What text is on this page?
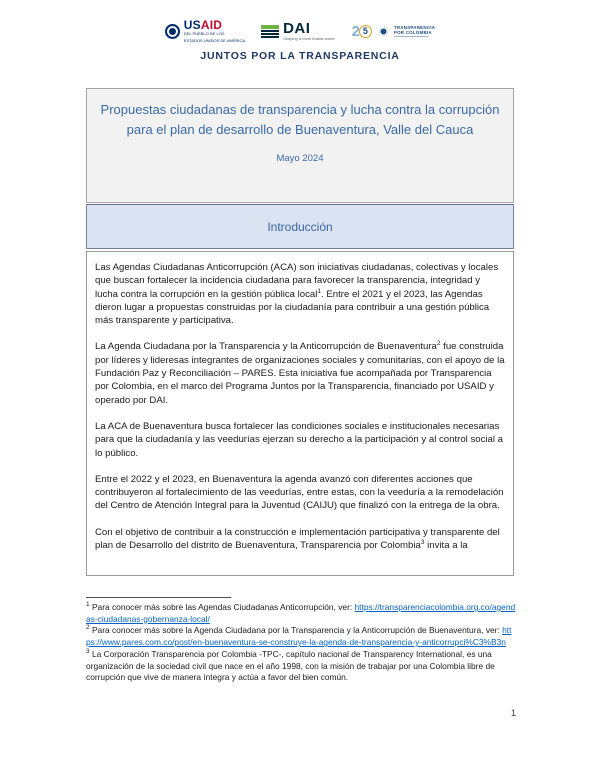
USAID
DEL PUEBLO DE LOS
ESTADOS UNIDOS DE AMÉRICA
DAI
Shaping a more livable world. 2 5	TRANSPARENCIA
POR COLOMBIA
JUNTOS POR LA TRANSPARENCIA
Propuestas ciudadanas de transparencia y lucha contra la corrupción para el plan de desarrollo de Buenaventura, Valle del Cauca
Mayo 2024
Introducción

Las Agendas Ciudadanas Anticorrupción (ACA) son iniciativas ciudadanas, colectivas y locales que buscan fortalecer la incidencia ciudadana para favorecer la transparencia, integridad y lucha contra la corrupción en la gestión pública local$^1$. Entre el 2021 y el 2023, las Agendas dieron lugar a propuestas construidas por la ciudadanía para contribuir a una gestión pública más transparente y participativa.

La Agenda Ciudadana por la Transparencia y la Anticorrupción de Buenaventura$^2$ fue construida por líderes y lideresas integrantes de organizaciones sociales y comunitarias, con el apoyo de la Fundación Paz y Reconciliación – PARES. Esta iniciativa fue acompañada por Transparencia por Colombia, en el marco del Programa Juntos por la Transparencia, financiado por USAID y operado por DAI.

La ACA de Buenaventura busca fortalecer las condiciones sociales e institucionales necesarias para que la ciudadanía y las veedurías ejerzan su derecho a la participación y al control social a lo público.

Entre el 2022 y el 2023, en Buenaventura la agenda avanzó con diferentes acciones que contribuyeron al fortalecimiento de las veedurías, entre estas, con la veeduría a la remodelación del Centro de Atención Integral para la Juventud (CAIJU) que finalizó con la entrega de la obra.

Con el objetivo de contribuir a la construcción e implementación participativa y transparente del plan de Desarrollo del distrito de Buenaventura, Transparencia por Colombia$^3$ invita a la

$^1$ Para conocer más sobre las Agendas Ciudadanas Anticorrupción, ver: https://transparenciacolombia.org.co/agendas-ciudadanas-gobernanza-local/

$^2$ Para conocer más sobre la Agenda Ciudadana por la Transparencia y la Anticorrupción de Buenaventura, ver: https://www.pares.com.co/post/en-buenaventura-se-construye-la-agenda-de-transparencia-y-anticorrupci%C3%B3n

$^3$ La Corporación Transparencia por Colombia -TPC-, capítulo nacional de Transparency International, es una organización de la sociedad civil que nace en el año 1998, con la misión de trabajar por una Colombia libre de corrupción que vive de manera íntegra y actúa a favor del bien común.

1
